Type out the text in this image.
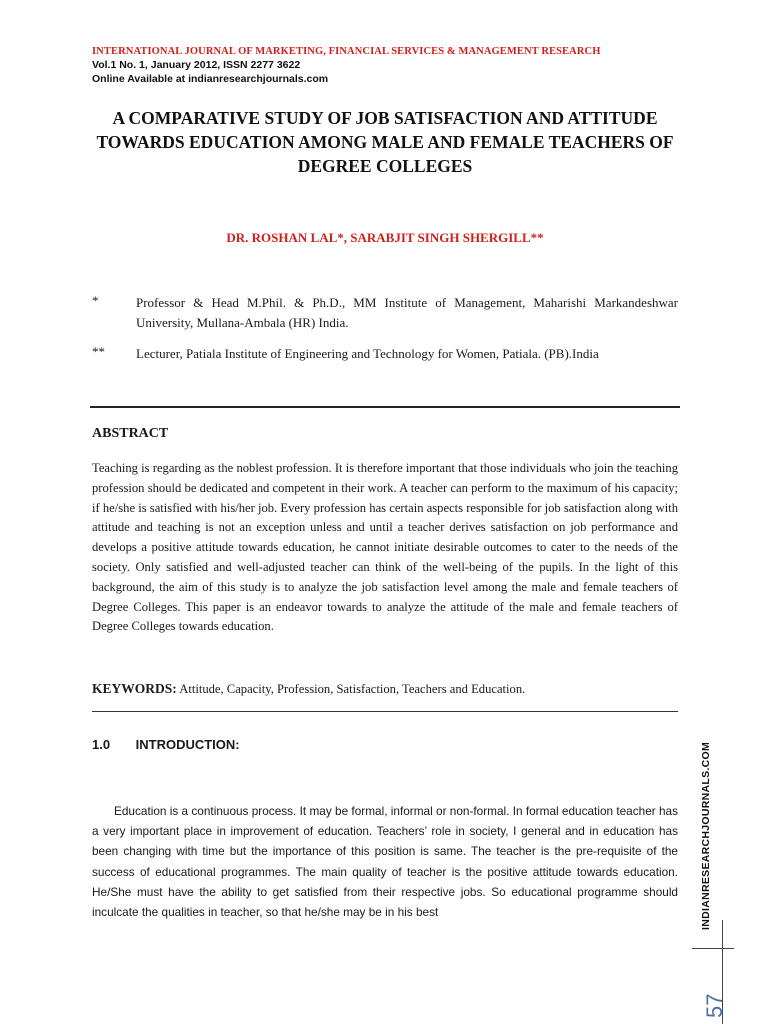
INTERNATIONAL JOURNAL OF MARKETING, FINANCIAL SERVICES & MANAGEMENT RESEARCH
Vol.1 No. 1, January 2012, ISSN 2277 3622
Online Available at indianresearchjournals.com
A COMPARATIVE STUDY OF JOB SATISFACTION AND ATTITUDE TOWARDS EDUCATION AMONG MALE AND FEMALE TEACHERS OF DEGREE COLLEGES
DR. ROSHAN LAL*, SARABJIT SINGH SHERGILL**
*	Professor & Head M.Phil. & Ph.D., MM Institute of Management, Maharishi Markandeshwar University, Mullana-Ambala (HR) India.
** Lecturer, Patiala Institute of Engineering and Technology for Women, Patiala. (PB).India
ABSTRACT

Teaching is regarding as the noblest profession. It is therefore important that those individuals who join the teaching profession should be dedicated and competent in their work. A teacher can perform to the maximum of his capacity; if he/she is satisfied with his/her job. Every profession has certain aspects responsible for job satisfaction along with attitude and teaching is not an exception unless and until a teacher derives satisfaction on job performance and develops a positive attitude towards education, he cannot initiate desirable outcomes to cater to the needs of the society. Only satisfied and well-adjusted teacher can think of the well-being of the pupils. In the light of this background, the aim of this study is to analyze the job satisfaction level among the male and female teachers of Degree Colleges. This paper is an endeavor towards to analyze the attitude of the male and female teachers of Degree Colleges towards education.

KEYWORDS: Attitude, Capacity, Profession, Satisfaction, Teachers and Education.
1.0 INTRODUCTION:

Education is a continuous process. It may be formal, informal or non-formal. In formal education teacher has a very important place in improvement of education. Teachers’ role in society, I general and in education has been changing with time but the importance of this position is same. The teacher is the pre-requisite of the success of educational programmes. The main quality of teacher is the positive attitude towards education. He/She must have the ability to get satisfied from their respective jobs. So educational programme should inculcate the qualities in teacher, so that he/she may be in his best	INDIANRESEARCHJOURNALS.COM
57
